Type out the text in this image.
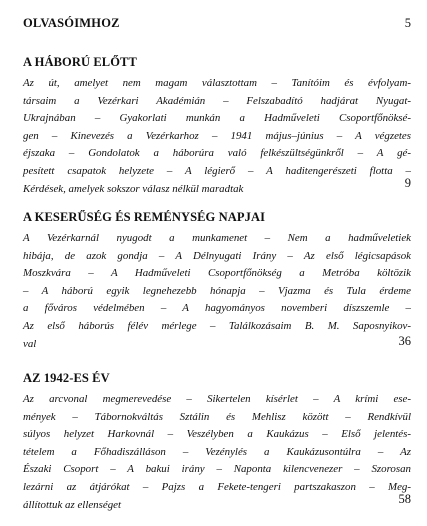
OLVASÓIMHOZ	5
A HÁBORÚ ELŐTT
Az út, amelyet nem magam választottam – Tanítóim és évfolyam-
társaim a Vezérkari Akadémián – Felszabadító hadjárat Nyugat-
Ukrajnában – Gyakorlati munkán a Hadműveleti Csoportfőnöksé-
gen – Kinevezés a Vezérkarhoz – 1941 május–június – A végzetes
éjszaka – Gondolatok a háborúra való felkészültségünkről – A gé-
pesített csapatok helyzete – A légierő – A haditengerészeti flotta –
Kérdések, amelyek sokszor válasz nélkül maradtak	9
A KESERŰSÉG ÉS REMÉNYSÉG NAPJAI
A Vezérkarnál nyugodt a munkamenet – Nem a hadműveletiek
hibája, de azok gondja – A Délnyugati Irány – Az első légicsapások
Moszkvára – A Hadműveleti Csoportfőnökség a Metróba költözik
– A háború egyik legnehezebb hónapja – Vjazma és Tula érdeme
a főváros védelmében – A hagyományos novemberi díszszemle –
Az első háborús félév mérlege – Találkozásaim B. M. Saposnyikov-
val	36
AZ 1942-ES ÉV
Az arcvonal megmerevedése – Sikertelen kísérlet – A krími ese-
mények – Tábornokváltás Sztálin és Mehlisz között – Rendkívül
súlyos helyzet Harkovnál – Veszélyben a Kaukázus – Első jelentés-
tételem a Főhadiszálláson – Vezénylés a Kaukázusontúlra – Az
Északi Csoport – A bakui irány – Naponta kilencvenezer – Szorosan
lezárni az átjárókat – Pajzs a Fekete-tengeri partszakaszon – Meg-
állítottuk az ellenséget	58
